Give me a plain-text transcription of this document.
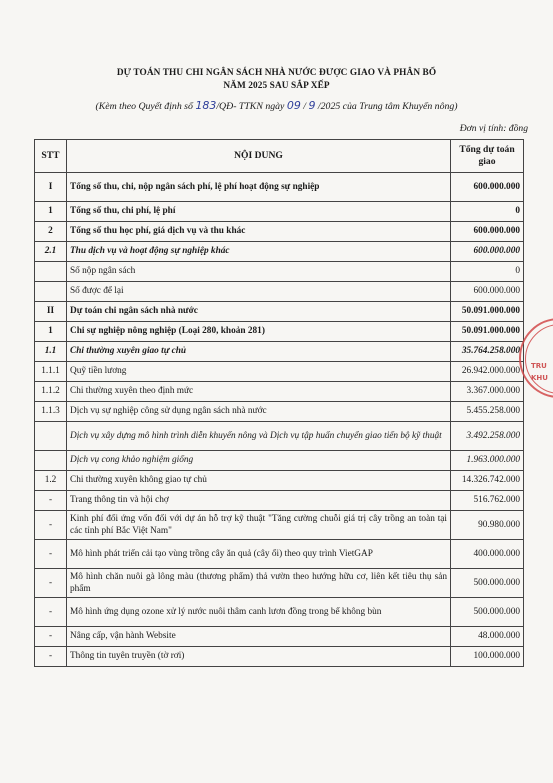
DỰ TOÁN THU CHI NGÂN SÁCH NHÀ NƯỚC ĐƯỢC GIAO VÀ PHÂN BỔ
NĂM 2025 SAU SẮP XẾP
(Kèm theo Quyết định số 183/QĐ- TTKN ngày 09 / 9 /2025 của Trung tâm Khuyến nông)
Đơn vị tính: đồng
STT	NỘI DUNG	Tổng dự toán giao
I	Tổng số thu, chi, nộp ngân sách phí, lệ phí hoạt động sự nghiệp	600.000.000
1	Tổng số thu, chi phí, lệ phí	0
2	Tổng số thu học phí, giá dịch vụ và thu khác	600.000.000
2.1	Thu dịch vụ và hoạt động sự nghiệp khác	600.000.000
	Số nộp ngân sách	0
	Số được để lại	600.000.000
II	Dự toán chi ngân sách nhà nước	50.091.000.000
1	Chi sự nghiệp nông nghiệp (Loại 280, khoản 281)	50.091.000.000
1.1	Chi thường xuyên giao tự chủ	35.764.258.000
1.1.1	Quỹ tiền lương	26.942.000.000
1.1.2	Chi thường xuyên theo định mức	3.367.000.000
1.1.3	Dịch vụ sự nghiệp công sử dụng ngân sách nhà nước	5.455.258.000
	Dịch vụ xây dựng mô hình trình diễn khuyến nông và Dịch vụ tập huấn chuyển giao tiến bộ kỹ thuật	3.492.258.000
	Dịch vụ cong khảo nghiệm giống	1.963.000.000
1.2	Chi thường xuyên không giao tự chủ	14.326.742.000
-	Trang thông tin và hội chợ	516.762.000
-	Kinh phí đối ứng vốn đối với dự án hỗ trợ kỹ thuật "Tăng cường chuỗi giá trị cây trồng an toàn tại các tỉnh phí Bắc Việt Nam"	90.980.000
-	Mô hình phát triển cải tạo vùng trồng cây ăn quả (cây ổi) theo quy trình VietGAP	400.000.000
-	Mô hình chăn nuôi gà lông màu (thương phẩm) thả vườn theo hướng hữu cơ, liên kết tiêu thụ sản phẩm	500.000.000
-	Mô hình ứng dụng ozone xử lý nước nuôi thâm canh lươn đồng trong bể không bùn	500.000.000
-	Nâng cấp, vận hành Website	48.000.000
-	Thông tin tuyên truyền (tờ rơi)	100.000.000
TRU
KHU
